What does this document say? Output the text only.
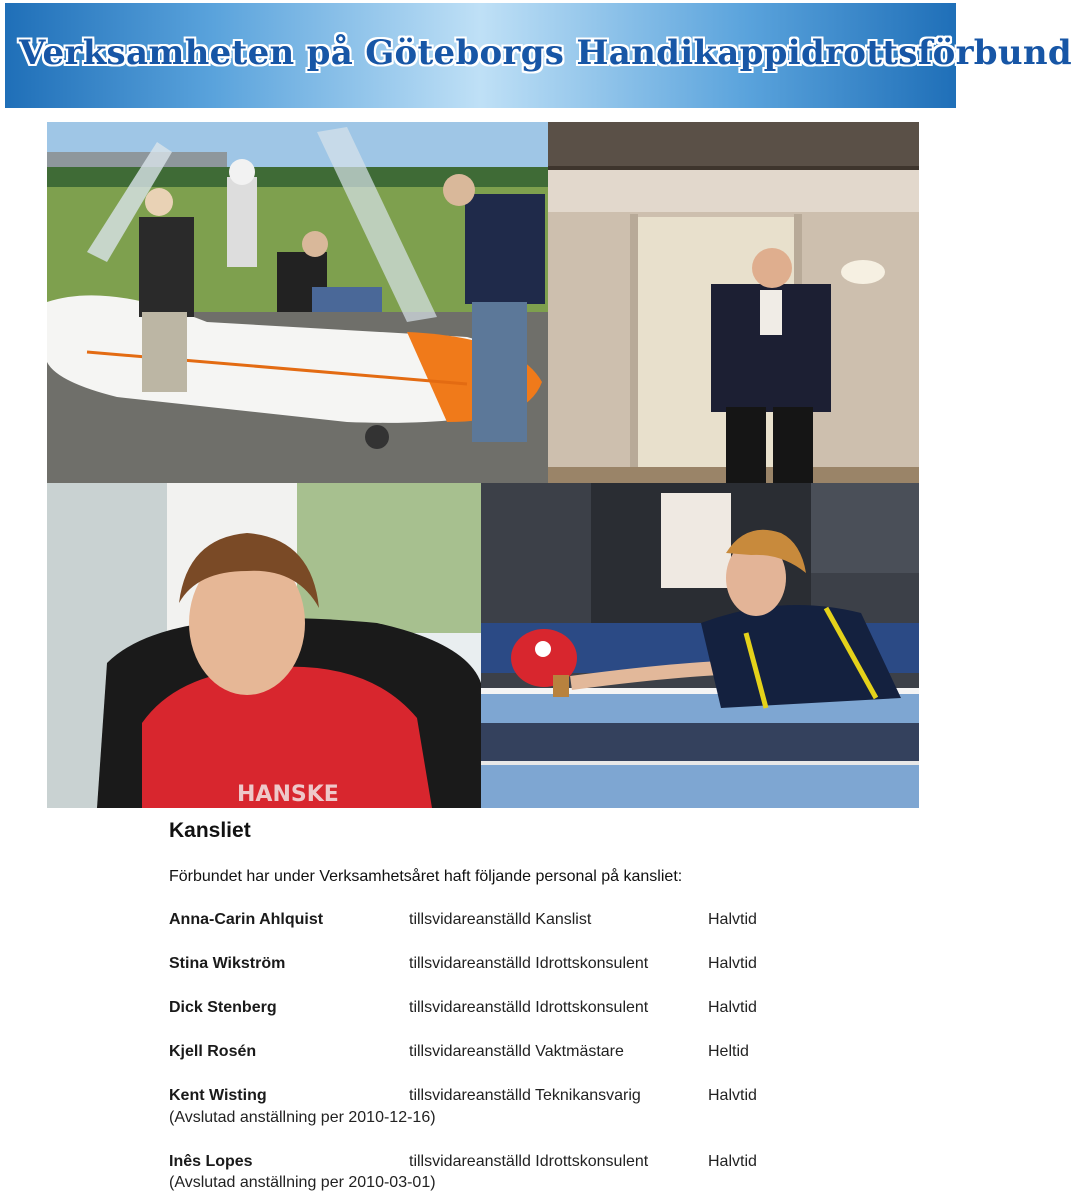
Verksamheten på Göteborgs Handikappidrottsförbund
HANSKE
Kansliet
Förbundet har under Verksamhetsåret haft följande personal på kansliet:
Anna-Carin Ahlquist	tillsvidareanställd Kanslist	Halvtid
Stina Wikström	tillsvidareanställd Idrottskonsulent	Halvtid
Dick Stenberg	tillsvidareanställd Idrottskonsulent	Halvtid
Kjell Rosén	tillsvidareanställd Vaktmästare	Heltid
Kent Wisting	tillsvidareanställd Teknikansvarig	Halvtid
(Avslutad anställning per 2010-12-16)
Inês Lopes	tillsvidareanställd Idrottskonsulent	Halvtid
(Avslutad anställning per 2010-03-01)
